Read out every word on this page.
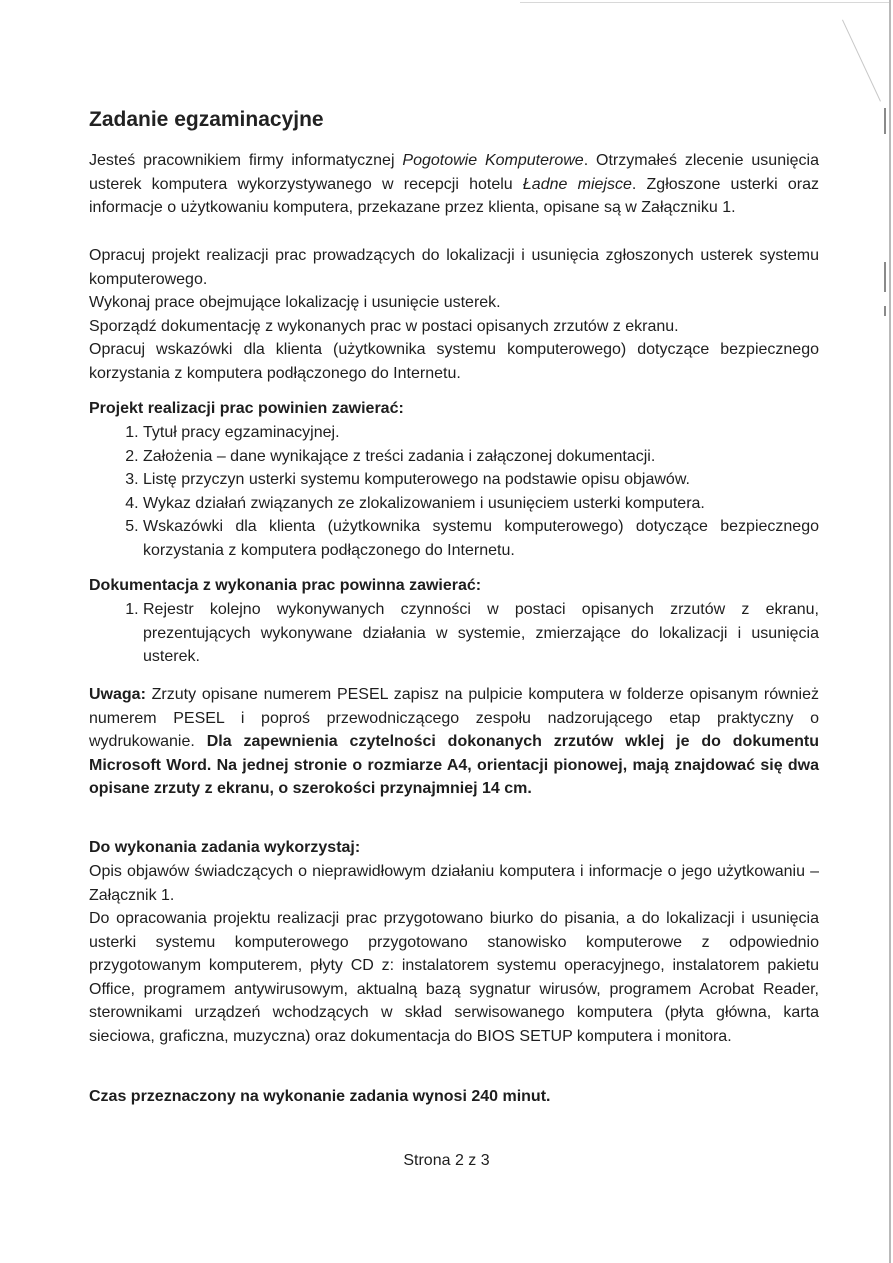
Zadanie egzaminacyjne
Jesteś pracownikiem firmy informatycznej Pogotowie Komputerowe. Otrzymałeś zlecenie usunięcia usterek komputera wykorzystywanego w recepcji hotelu Ładne miejsce. Zgłoszone usterki oraz informacje o użytkowaniu komputera, przekazane przez klienta, opisane są w Załączniku 1.
Opracuj projekt realizacji prac prowadzących do lokalizacji i usunięcia zgłoszonych usterek systemu komputerowego.
Wykonaj prace obejmujące lokalizację i usunięcie usterek.
Sporządź dokumentację z wykonanych prac w postaci opisanych zrzutów z ekranu.
Opracuj wskazówki dla klienta (użytkownika systemu komputerowego) dotyczące bezpiecznego korzystania z komputera podłączonego do Internetu.
Projekt realizacji prac powinien zawierać:
1. Tytuł pracy egzaminacyjnej.
2. Założenia – dane wynikające z treści zadania i załączonej dokumentacji.
3. Listę przyczyn usterki systemu komputerowego na podstawie opisu objawów.
4. Wykaz działań związanych ze zlokalizowaniem i usunięciem usterki komputera.
5. Wskazówki dla klienta (użytkownika systemu komputerowego) dotyczące bezpiecznego korzystania z komputera podłączonego do Internetu.
Dokumentacja z wykonania prac powinna zawierać:
1. Rejestr kolejno wykonywanych czynności w postaci opisanych zrzutów z ekranu, prezentujących wykonywane działania w systemie, zmierzające do lokalizacji i usunięcia usterek.
Uwaga: Zrzuty opisane numerem PESEL zapisz na pulpicie komputera w folderze opisanym również numerem PESEL i poproś przewodniczącego zespołu nadzorującego etap praktyczny o wydrukowanie. Dla zapewnienia czytelności dokonanych zrzutów wklej je do dokumentu Microsoft Word. Na jednej stronie o rozmiarze A4, orientacji pionowej, mają znajdować się dwa opisane zrzuty z ekranu, o szerokości przynajmniej 14 cm.
Do wykonania zadania wykorzystaj:
Opis objawów świadczących o nieprawidłowym działaniu komputera i informacje o jego użytkowaniu – Załącznik 1.
Do opracowania projektu realizacji prac przygotowano biurko do pisania, a do lokalizacji i usunięcia usterki systemu komputerowego przygotowano stanowisko komputerowe z odpowiednio przygotowanym komputerem, płyty CD z: instalatorem systemu operacyjnego, instalatorem pakietu Office, programem antywirusowym, aktualną bazą sygnatur wirusów, programem Acrobat Reader, sterownikami urządzeń wchodzących w skład serwisowanego komputera (płyta główna, karta sieciowa, graficzna, muzyczna) oraz dokumentacja do BIOS SETUP komputera i monitora.
Czas przeznaczony na wykonanie zadania wynosi 240 minut.
Strona 2 z 3
